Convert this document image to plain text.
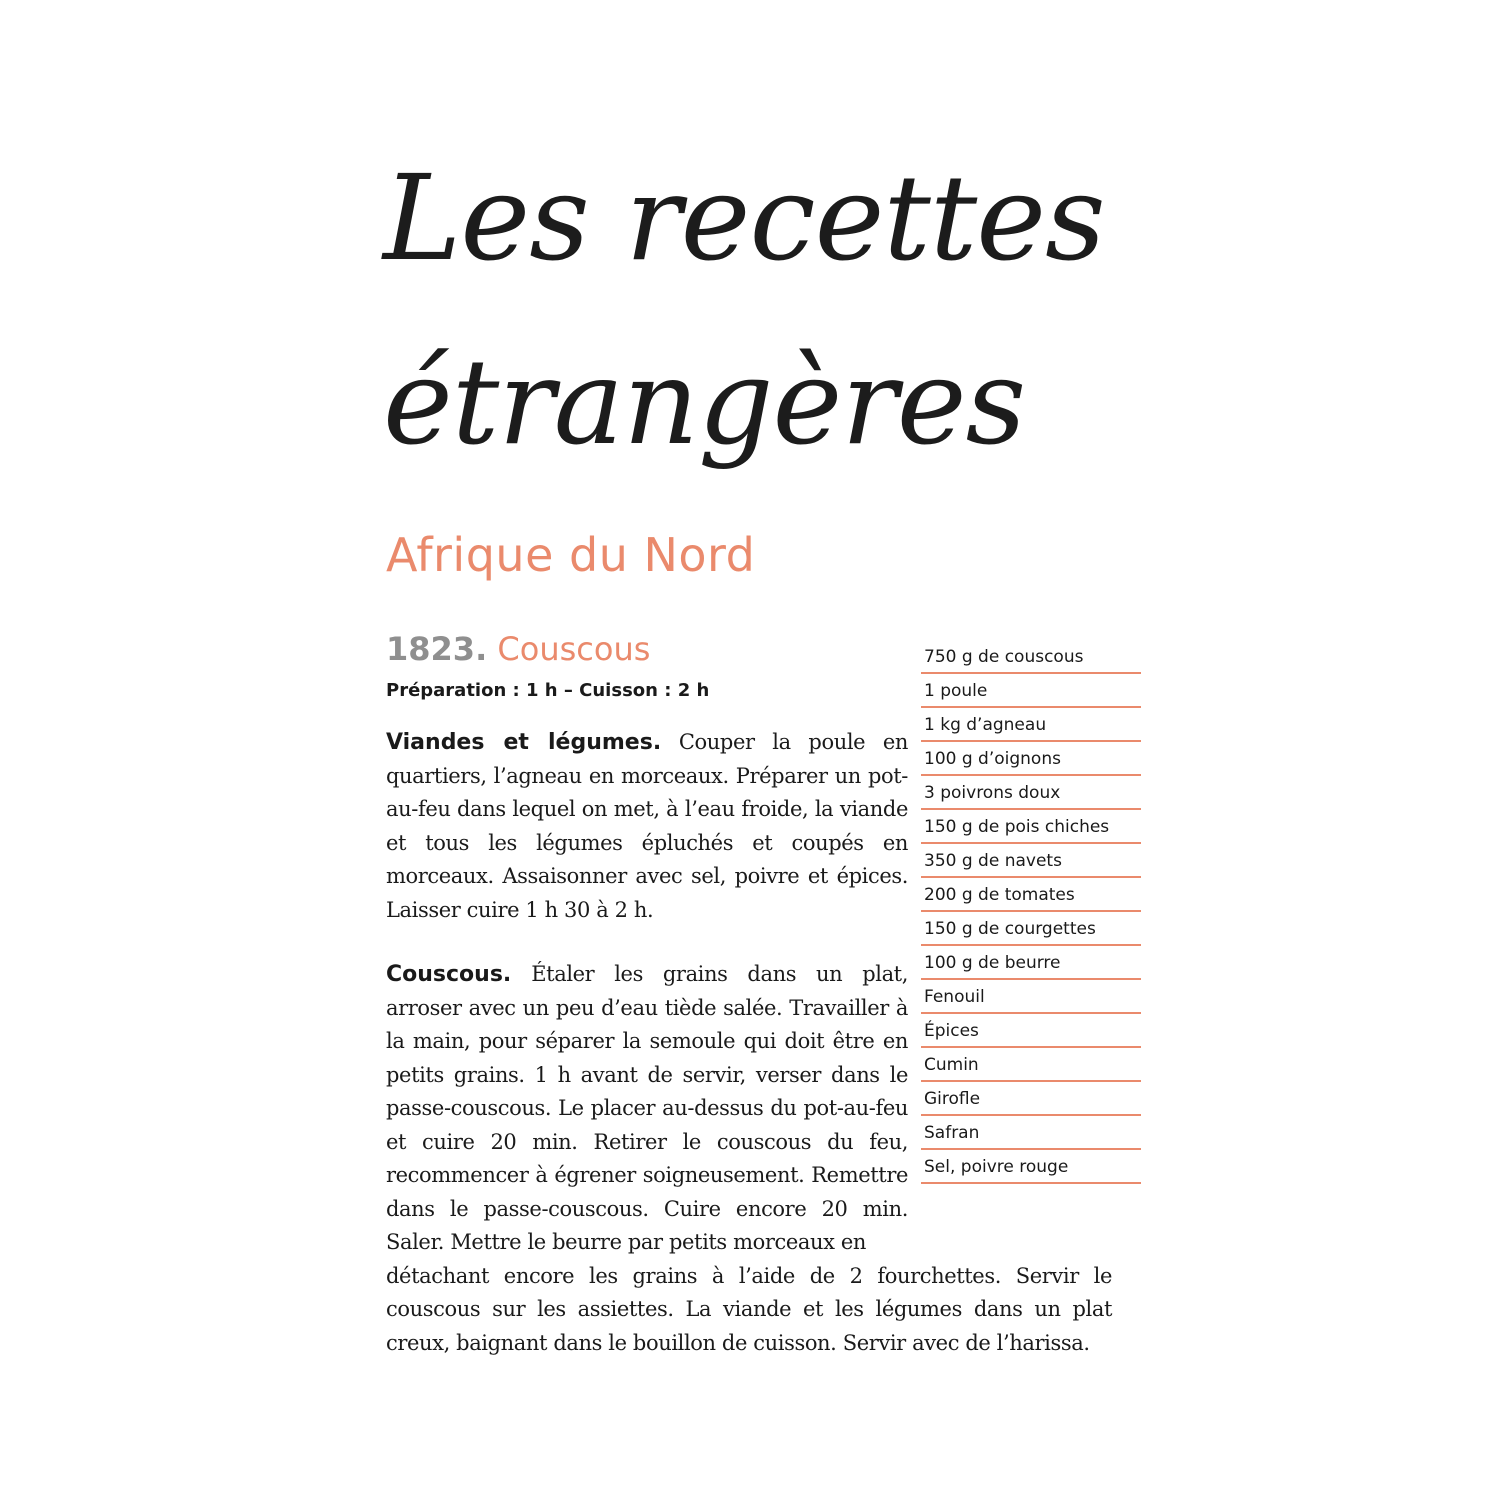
Les recettes
étrangères
Afrique du Nord
1823. Couscous
Préparation : 1 h – Cuisson : 2 h

Viandes et légumes. Couper la poule en quartiers, l’agneau en morceaux. Préparer un pot-au-feu dans lequel on met, à l’eau froide, la viande et tous les légumes épluchés et coupés en morceaux. Assaisonner avec sel, poivre et épices. Laisser cuire 1 h 30 à 2 h.

Couscous. Étaler les grains dans un plat, arroser avec un peu d’eau tiède salée. Travailler à la main, pour séparer la semoule qui doit être en petits grains. 1 h avant de servir, verser dans le passe-couscous. Le placer au-dessus du pot-au-feu et cuire 20 min. Retirer le couscous du feu, recommencer à égrener soigneusement. Remettre dans le passe-couscous. Cuire encore 20 min. Saler. Mettre le beurre par petits morceaux en
détachant encore les grains à l’aide de 2 fourchettes. Servir le couscous sur les assiettes. La viande et les légumes dans un plat creux, baignant dans le bouillon de cuisson. Servir avec de l’harissa.

750 g de couscous
1 poule
1 kg d’agneau
100 g d’oignons
3 poivrons doux
150 g de pois chiches
350 g de navets
200 g de tomates
150 g de courgettes
100 g de beurre
Fenouil
Épices
Cumin
Girofle
Safran
Sel, poivre rouge
